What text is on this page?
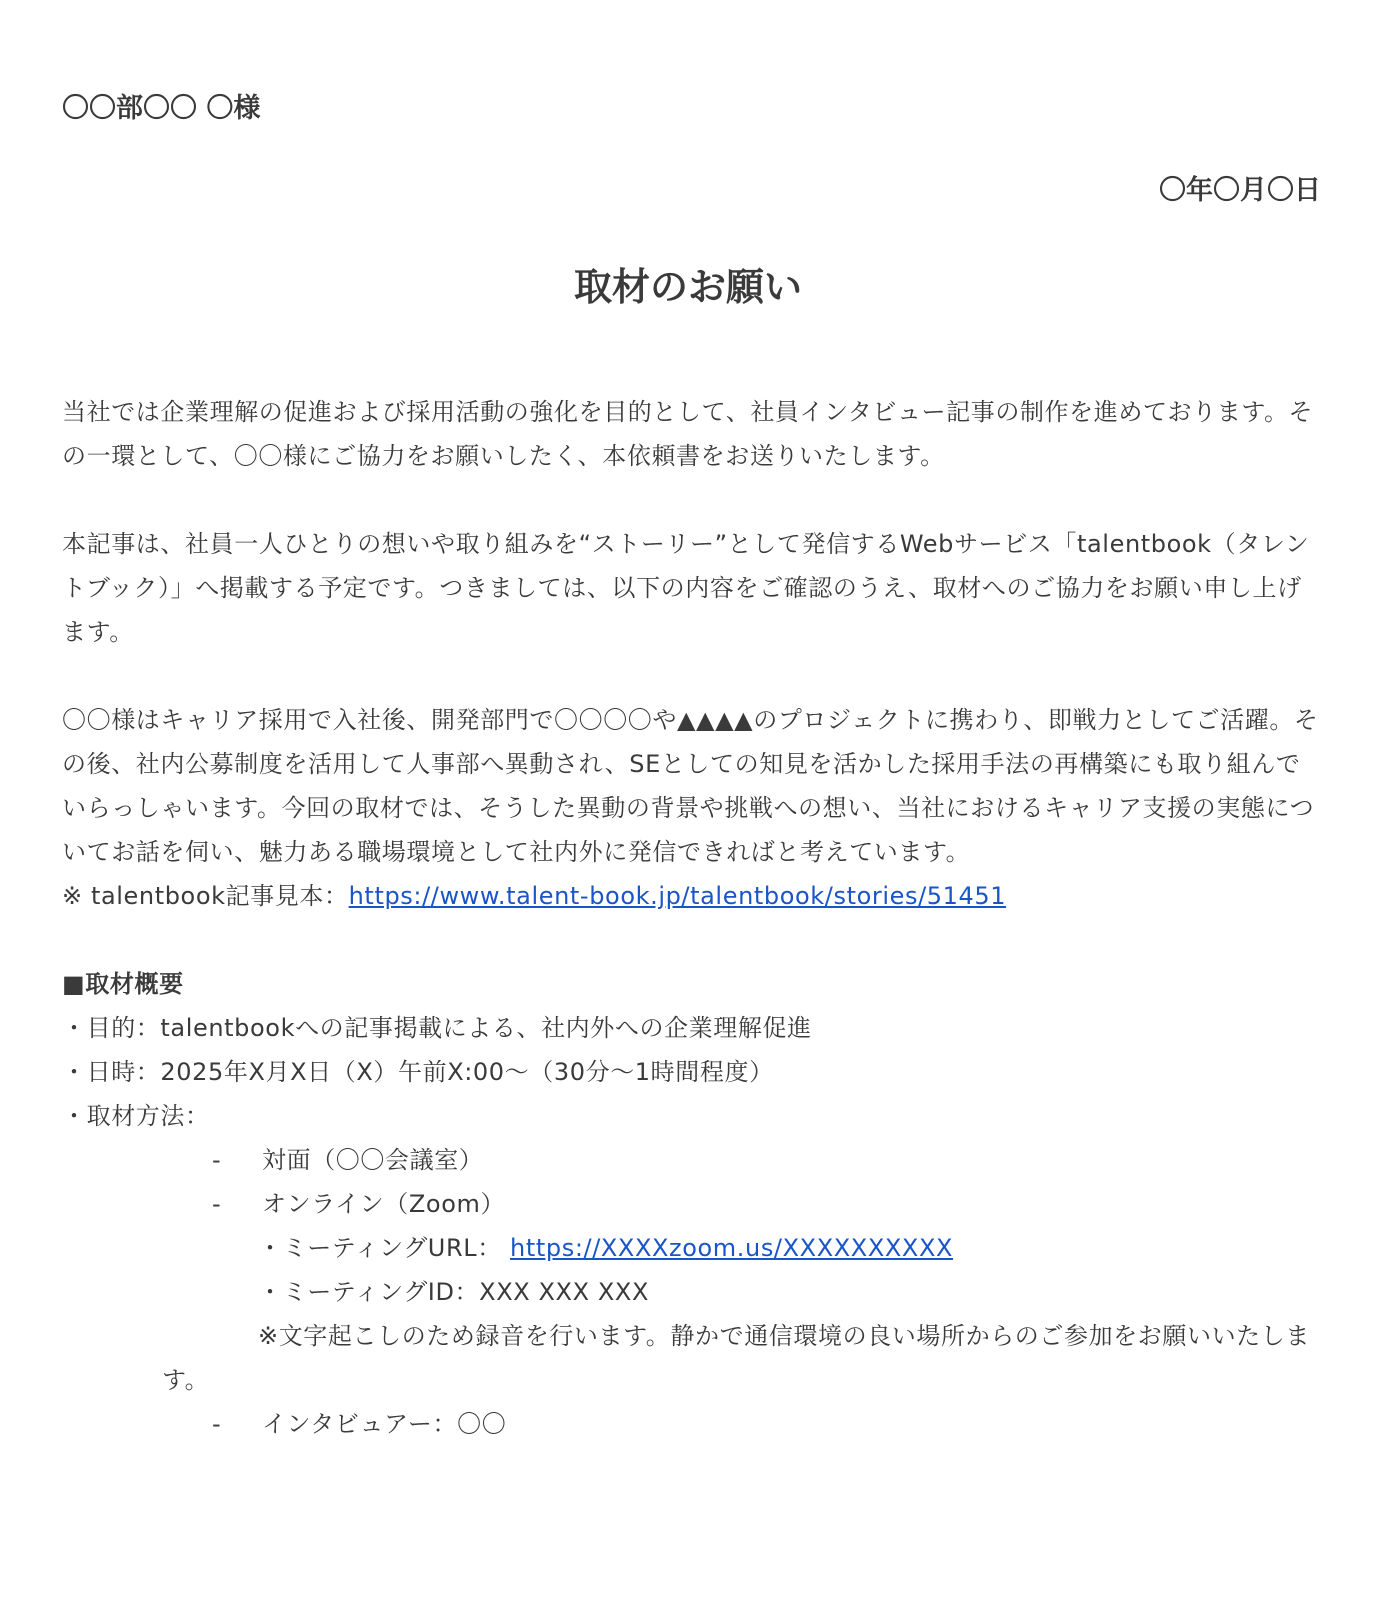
〇〇部〇〇 〇様
〇年〇月〇日
取材のお願い

当社では企業理解の促進および採用活動の強化を目的として、社員インタビュー記事の制作を進めております。その一環として、〇〇様にご協力をお願いしたく、本依頼書をお送りいたします。

本記事は、社員一人ひとりの想いや取り組みを“ストーリー”として発信するWebサービス「talentbook（タレントブック）」へ掲載する予定です。つきましては、以下の内容をご確認のうえ、取材へのご協力をお願い申し上げます。

〇〇様はキャリア採用で入社後、開発部門で〇〇〇〇や▲▲▲▲のプロジェクトに携わり、即戦力としてご活躍。その後、社内公募制度を活用して人事部へ異動され、SEとしての知見を活かした採用手法の再構築にも取り組んでいらっしゃいます。今回の取材では、そうした異動の背景や挑戦への想い、当社におけるキャリア支援の実態についてお話を伺い、魅力ある職場環境として社内外に発信できればと考えています。

※ talentbook記事見本：https://www.talent-book.jp/talentbook/stories/51451

■取材概要

・目的：talentbookへの記事掲載による、社内外への企業理解促進

・日時：2025年X月X日（X）午前X:00～（30分～1時間程度）

・取材方法：

-	対面（〇〇会議室）

-	オンライン（Zoom）

・ミーティングURL： https://XXXXzoom.us/XXXXXXXXXX

・ミーティングID：XXX XXX XXX

※文字起こしのため録音を行います。静かで通信環境の良い場所からのご参加をお願いいたします。

-	インタビュアー：〇〇
